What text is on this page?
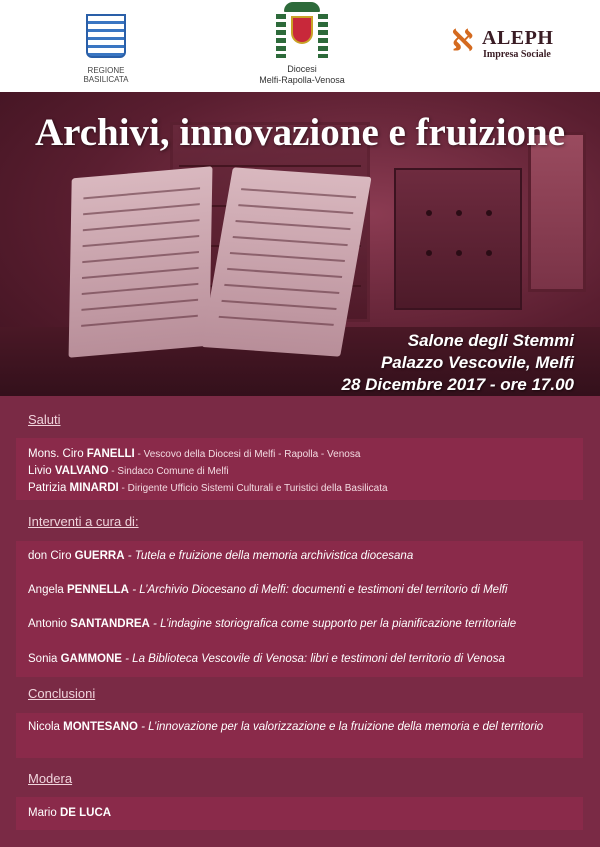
REGIONE
BASILICATA
Diocesi
Melfi-Rapolla-Venosa
ℵ ALEPH
Impresa Sociale
Archivi, innovazione e fruizione
Salone degli Stemmi
Palazzo Vescovile, Melfi
28 Dicembre 2017 - ore 17.00
Saluti
Mons. Ciro FANELLI - Vescovo della Diocesi di Melfi - Rapolla - Venosa
Livio VALVANO - Sindaco Comune di Melfi
Patrizia MINARDI - Dirigente Ufficio Sistemi Culturali e Turistici della Basilicata
Interventi a cura di:
don Ciro GUERRA - Tutela e fruizione della memoria archivistica diocesana
Angela PENNELLA - L’Archivio Diocesano di Melfi: documenti e testimoni del territorio di Melfi
Antonio SANTANDREA - L’indagine storiografica come supporto per la pianificazione territoriale
Sonia GAMMONE - La Biblioteca Vescovile di Venosa: libri e testimoni del territorio di Venosa
Conclusioni
Nicola MONTESANO - L’innovazione per la valorizzazione e la fruizione della memoria e del territorio
Modera
Mario DE LUCA
